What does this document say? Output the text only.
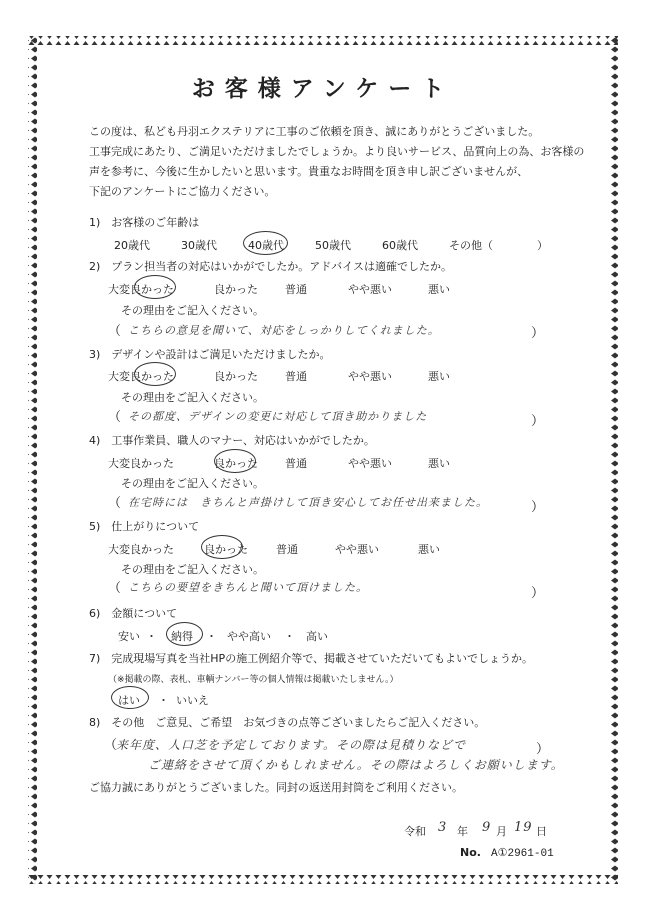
お客様アンケート
この度は、私ども丹羽エクステリアに工事のご依頼を頂き、誠にありがとうございました。
工事完成にあたり、ご満足いただけましたでしょうか。より良いサービス、品質向上の為、お客様の
声を参考に、今後に生かしたいと思います。貴重なお時間を頂き申し訳ございませんが、
下記のアンケートにご協力ください。
1)　お客様のご年齢は
20歳代	30歳代	40歳代	50歳代	60歳代	その他（　　　　）
2)　プラン担当者の対応はいかがでしたか。アドバイスは適確でしたか。
大変良かった	良かった 普通	やや悪い	悪い
その理由をご記入ください。
（ こちらの意見を聞いて、対応をしっかりしてくれました。	）
3)　デザインや設計はご満足いただけましたか。
大変良かった	良かった 普通	やや悪い	悪い
その理由をご記入ください。
（ その都度、デザインの変更に対応して頂き助かりました	）
4)　工事作業員、職人のマナー、対応はいかがでしたか。
大変良かった	良かった 普通	やや悪い	悪い
その理由をご記入ください。
（ 在宅時には　きちんと声掛けして頂き安心してお任せ出来ました。	）
5)　仕上がりについて
大変良かった	良かった	普通	やや悪い	悪い
その理由をご記入ください。
（ こちらの要望をきちんと聞いて頂けました。	）
6)　金額について
安い ・ 納得 ・ やや高い ・ 高い
7)　完成現場写真を当社HPの施工例紹介等で、掲載させていただいてもよいでしょうか。
（※掲載の際、表札、車輌ナンバー等の個人情報は掲載いたしません。）
はい ・ いいえ
8)　その他　ご意見、ご希望　お気づきの点等ございましたらご記入ください。
（
来年度、人口芝を予定しております。その際は見積りなどで
ご連絡をさせて頂くかもしれません。その際はよろしくお願いします。
）
ご協力誠にありがとうございました。同封の返送用封筒をご利用ください。
令和 3 年 9 月 19 日
No. A①2961-01
